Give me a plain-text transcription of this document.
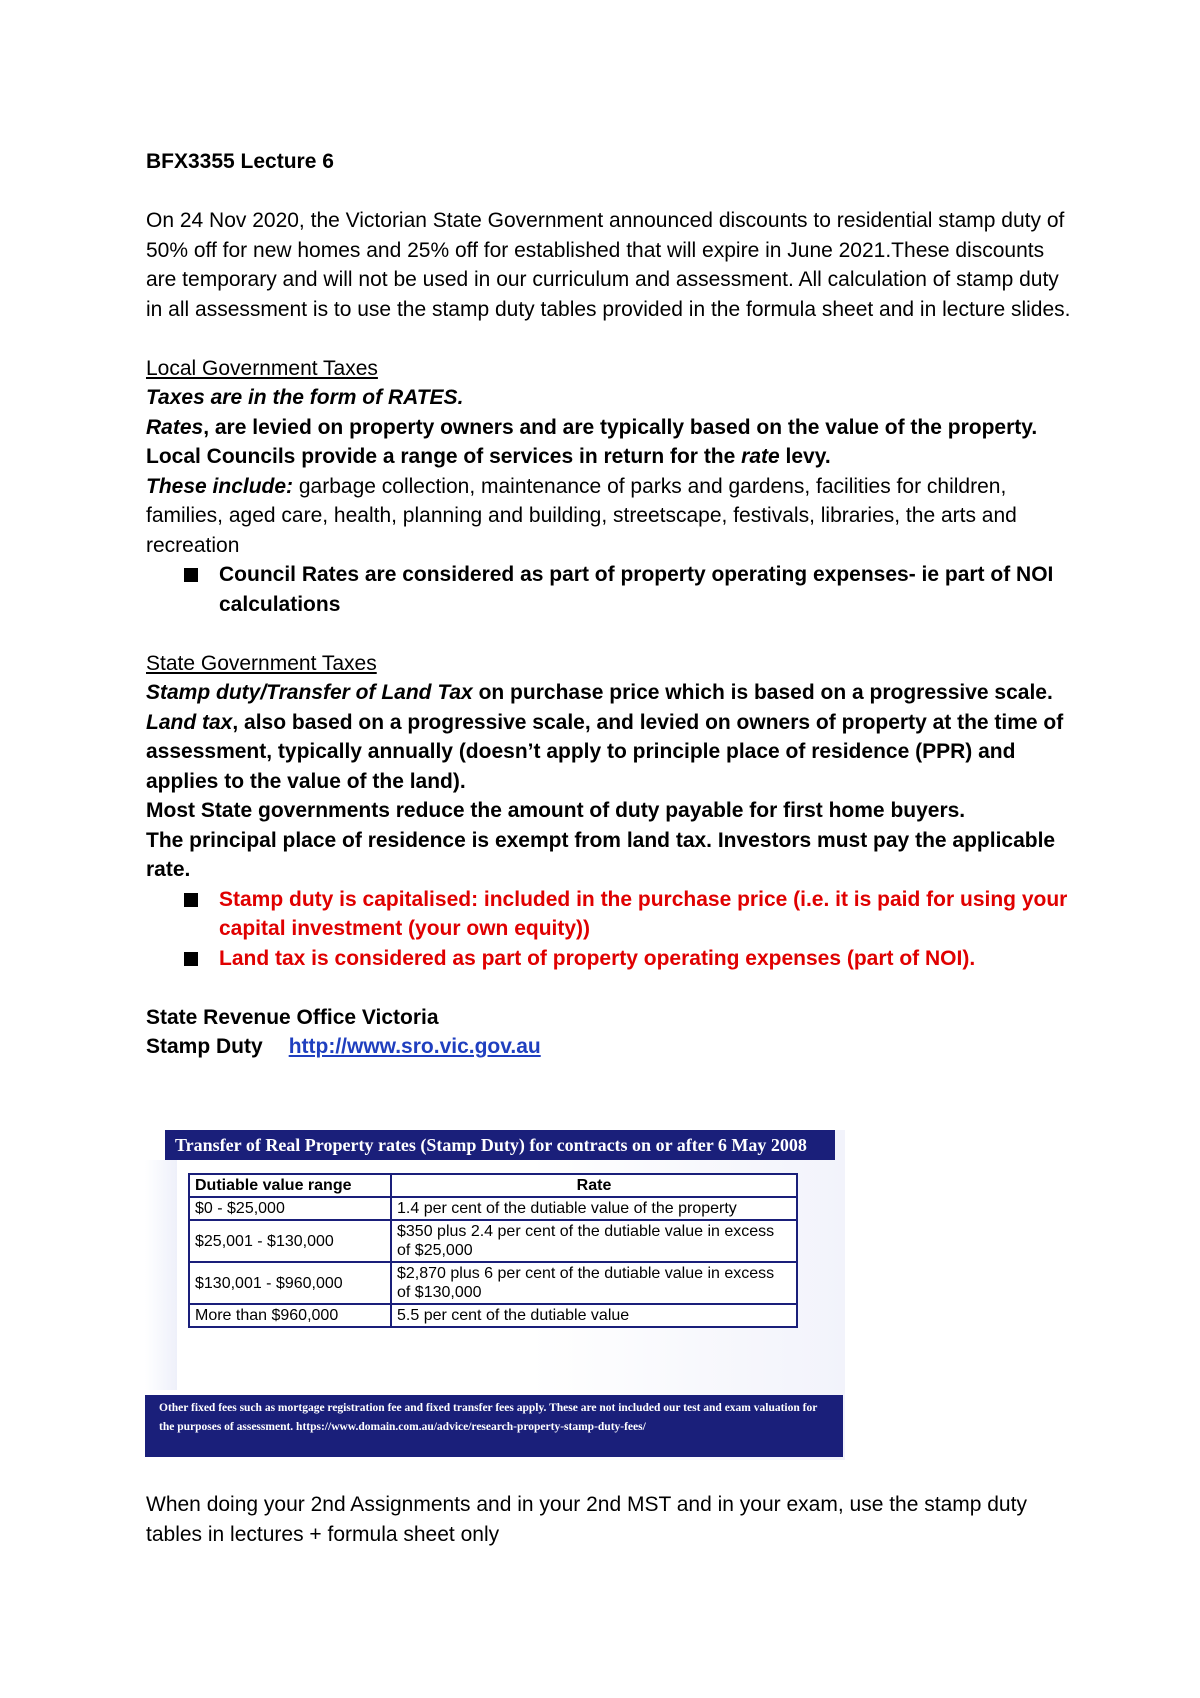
BFX3355 Lecture 6
On 24 Nov 2020, the Victorian State Government announced discounts to residential stamp duty of 50% off for new homes and 25% off for established that will expire in June 2021.These discounts are temporary and will not be used in our curriculum and assessment. All calculation of stamp duty in all assessment is to use the stamp duty tables provided in the formula sheet and in lecture slides.
Local Government Taxes
Taxes are in the form of RATES.
Rates, are levied on property owners and are typically based on the value of the property.
Local Councils provide a range of services in return for the rate levy.
These include: garbage collection, maintenance of parks and gardens, facilities for children, families, aged care, health, planning and building, streetscape, festivals, libraries, the arts and recreation
Council Rates are considered as part of property operating expenses- ie part of NOI calculations
State Government Taxes
Stamp duty/Transfer of Land Tax on purchase price which is based on a progressive scale.
Land tax, also based on a progressive scale, and levied on owners of property at the time of assessment, typically annually (doesn’t apply to principle place of residence (PPR) and applies to the value of the land).
Most State governments reduce the amount of duty payable for first home buyers.
The principal place of residence is exempt from land tax. Investors must pay the applicable rate.
Stamp duty is capitalised: included in the purchase price (i.e. it is paid for using your capital investment (your own equity))
Land tax is considered as part of property operating expenses (part of NOI).
State Revenue Office Victoria
Stamp Duty http://www.sro.vic.gov.au
Transfer of Real Property rates (Stamp Duty) for contracts on or after 6 May 2008
Dutiable value range	Rate
$0 - $25,000	1.4 per cent of the dutiable value of the property
$25,001 - $130,000	$350 plus 2.4 per cent of the dutiable value in excess of $25,000
$130,001 - $960,000	$2,870 plus 6 per cent of the dutiable value in excess of $130,000
More than $960,000	5.5 per cent of the dutiable value
Other fixed fees such as mortgage registration fee and fixed transfer fees apply. These are not included our test and exam valuation for the purposes of assessment. https://www.domain.com.au/advice/research-property-stamp-duty-fees/
When doing your 2nd Assignments and in your 2nd MST and in your exam, use the stamp duty tables in lectures + formula sheet only
